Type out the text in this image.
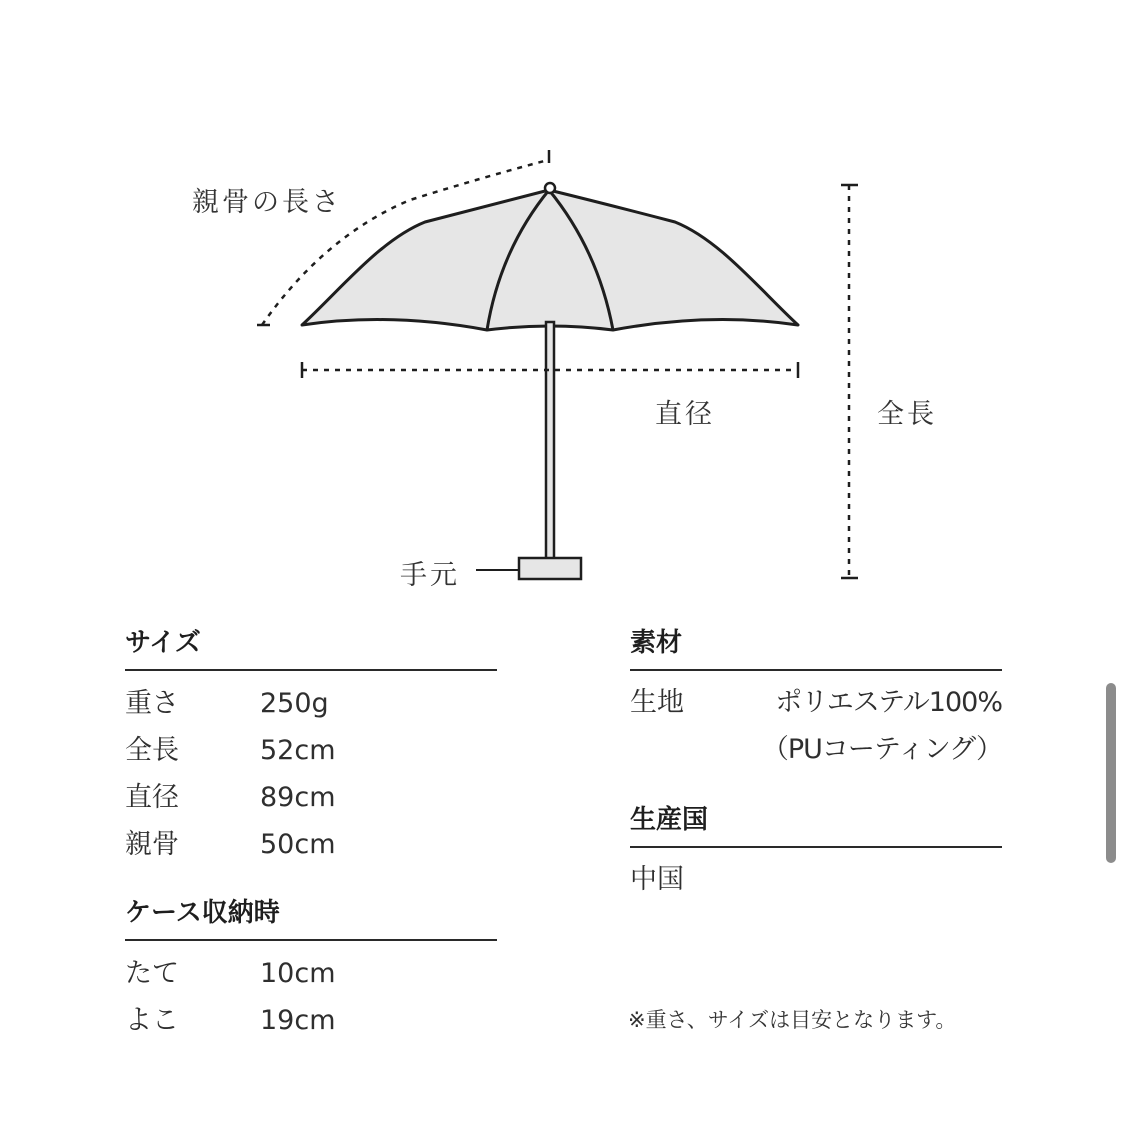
親骨の長さ
直径	全長
手元
サイズ
重さ	250g
全長	52cm
直径	89cm
親骨	50cm
ケース収納時
たて	10cm
よこ	19cm
素材
生地	ポリエステル100%
（PUコーティング）
生産国
中国
※重さ、サイズは目安となります。
